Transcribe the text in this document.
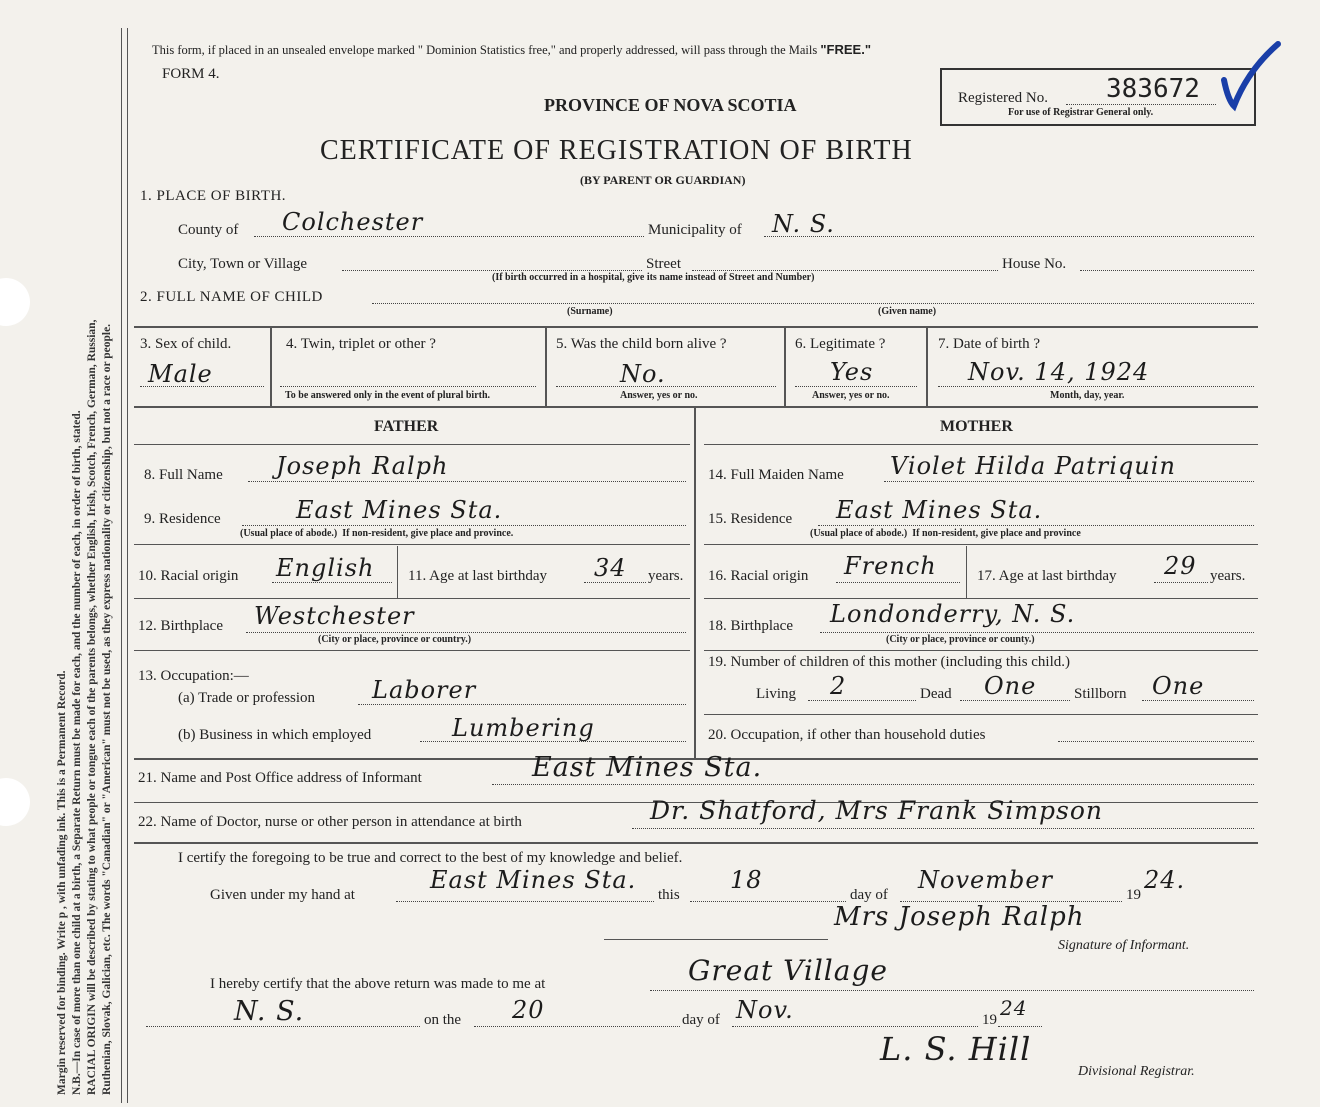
Margin reserved for binding. Write p , with unfading ink. This is a Permanent Record. N.B.—In case of more than one child at a birth, a Separate Return must be made for each, and the number of each, in order of birth, stated. RACIAL ORIGIN will be described by stating to what people or tongue each of the parents belongs, whether English, Irish, Scotch, French, German, Russian, Ruthenian, Slovak, Galician, etc. The words "Canadian" or "American" must not be used, as they express nationality or citizenship, but not a race or people.
This form, if placed in an unsealed envelope marked " Dominion Statistics free," and properly addressed, will pass through the Mails "FREE."
FORM 4.
PROVINCE OF NOVA SCOTIA
CERTIFICATE OF REGISTRATION OF BIRTH
(BY PARENT OR GUARDIAN)
Registered No. 383672
For use of Registrar General only.
1. PLACE OF BIRTH.
County of Colchester	Municipality of N. S.
City, Town or Village	Street	House No.
(If birth occurred in a hospital, give its name instead of Street and Number)
2. FULL NAME OF CHILD
(Surname)	(Given name)
3. Sex of child.
Male
4. Twin, triplet or other ?
To be answered only in the event of plural birth.
5. Was the child born alive ?
No.
Answer, yes or no.
6. Legitimate ?
Yes
Answer, yes or no.
7. Date of birth ?
Nov. 14, 1924
Month, day, year.
FATHER	MOTHER
8. Full Name Joseph Ralph	14. Full Maiden Name Violet Hilda Patriquin
9. Residence	East Mines Sta.
(Usual place of abode.) If non-resident, give place and province.
15. Residence East Mines Sta.
(Usual place of abode.) If non-resident, give place and province
10. Racial origin English 11. Age at last birthday 34 years. 16. Racial origin French	17. Age at last birthday 29 years.
12. Birthplace Westchester
(City or place, province or country.)
18. Birthplace Londonderry, N. S.
(City or place, province or county.)
13. Occupation:—
(a) Trade or profession Laborer
19. Number of children of this mother (including this child.)
Living 2	Dead One	Stillborn One
(b) Business in which employed	Lumbering	20. Occupation, if other than household duties
21. Name and Post Office address of Informant	East Mines Sta.
22. Name of Doctor, nurse or other person in attendance at birth	Dr. Shatford, Mrs Frank Simpson
I certify the foregoing to be true and correct to the best of my knowledge and belief.
Given under my hand at
East Mines Sta.
this
18
day of
November
19
24.
Mrs Joseph Ralph
Signature of Informant.
I hereby certify that the above return was made to me at	Great Village
N. S.	on the 20	day of Nov.	19 24
L. S. Hill
Divisional Registrar.
